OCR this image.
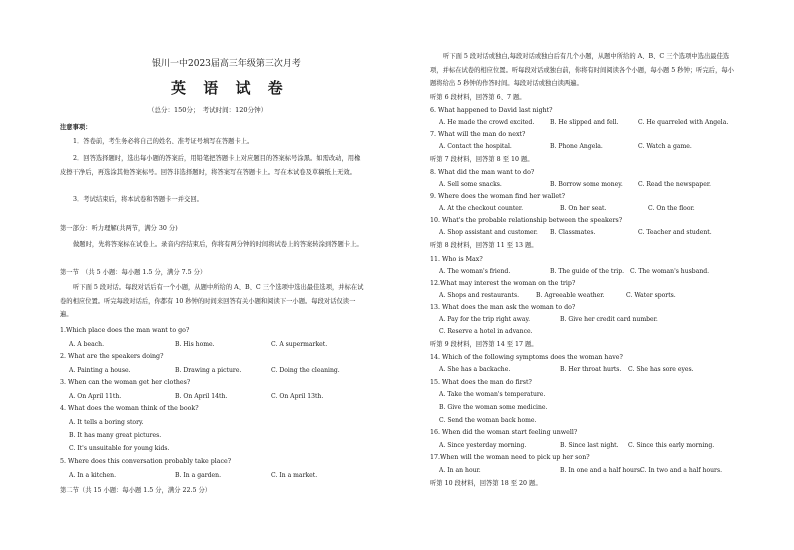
银川一中2023届高三年级第三次月考
英 语 试 卷
（总分：150分；　考试时间：120分钟）
注意事项：
1．答卷前，考生务必将自己的姓名、准考证号填写在答题卡上。
2．回答选择题时，选出每小题的答案后，用铅笔把答题卡上对应题目的答案标号涂黑。如需改动，用橡皮擦干净后，再选涂其他答案标号。回答非选择题时，将答案写在答题卡上。写在本试卷及草稿纸上无效。
3．考试结束后，将本试卷和答题卡一并交回。
第一部分：听力理解(共两节，满分 30 分)
做题时，先将答案标在试卷上。录音内容结束后，你将有两分钟的时间将试卷上的答案转涂到答题卡上。
第一节　（共 5 小题：每小题 1.5 分，满分 7.5 分）
听下面 5 段对话。每段对话后有一个小题，从题中所给的 A、B、C 三个选项中选出最佳选项，并标在试卷的相应位置。听完每段对话后，你都有 10 秒钟的时间来回答有关小题和阅读下一小题。每段对话仅读一遍。
1.Which place does the man want to go?
A. A beach.	B. His home.	C. A supermarket.
2. What are the speakers doing?
A. Painting a house.	B. Drawing a picture.	C. Doing the cleaning.
3. When can the woman get her clothes?
A. On April 11th.	B. On April 14th.	C. On April 13th.
4. What does the woman think of the book?
A. It tells a boring story.
B. It has many great pictures.
C. It's unsuitable for young kids.
5. Where does this conversation probably take place?
A. In a kitchen.	B. In a garden.	C. In a market.
第二节（共 15 小题：每小题 1.5 分，满分 22.5 分）
听下面 5 段对话或独白,每段对话或独白后有几个小题，从题中所给的 A、B、C 三个选项中选出最佳选项，并标在试卷的相应位置。听每段对话或独白前，你将有时间阅读各个小题，每小题 5 秒钟；听完后，每小题将给出 5 秒钟的作答时间。每段对话或独白读两遍。
听第 6 段材料，回答第 6、7 题。
6. What happened to David last night?
A. He made the crowd excited.	B. He slipped and fell.	C. He quarreled with Angela.
7. What will the man do next?
A. Contact the hospital.	B. Phone Angela.	C. Watch a game.
听第 7 段材料，回答第 8 至 10 题。
8. What did the man want to do?
A. Sell some snacks.	B. Borrow some money. C. Read the newspaper.
9. Where does the woman find her wallet?
A. At the checkout counter.	B. On her seat.	C. On the floor.
10. What's the probable relationship between the speakers?
A. Shop assistant and customer. B. Classmates.	C. Teacher and student.
听第 8 段材料，回答第 11 至 13 题。
11. Who is Max?
A. The woman's friend.	B. The guide of the trip. C. The woman's husband.
12.What may interest the woman on the trip?
A. Shops and restaurants.	B. Agreeable weather.	C. Water sports.
13. What does the man ask the woman to do?
A. Pay for the trip right away.	B. Give her credit card number.
C. Reserve a hotel in advance.
听第 9 段材料，回答第 14 至 17 题。
14. Which of the following symptoms does the woman have?
A. She has a backache.	B. Her throat hurts. C. She has sore eyes.
15. What does the man do first?
A. Take the woman's temperature.
B. Give the woman some medicine.
C. Send the woman back home.
16. When did the woman start feeling unwell?
A. Since yesterday morning.	B. Since last night. C. Since this early morning.
17.When will the woman need to pick up her son?
A. In an hour.	B. In one and a half hours.
C. In two and a half hours.
听第 10 段材料，回答第 18 至 20 题。
